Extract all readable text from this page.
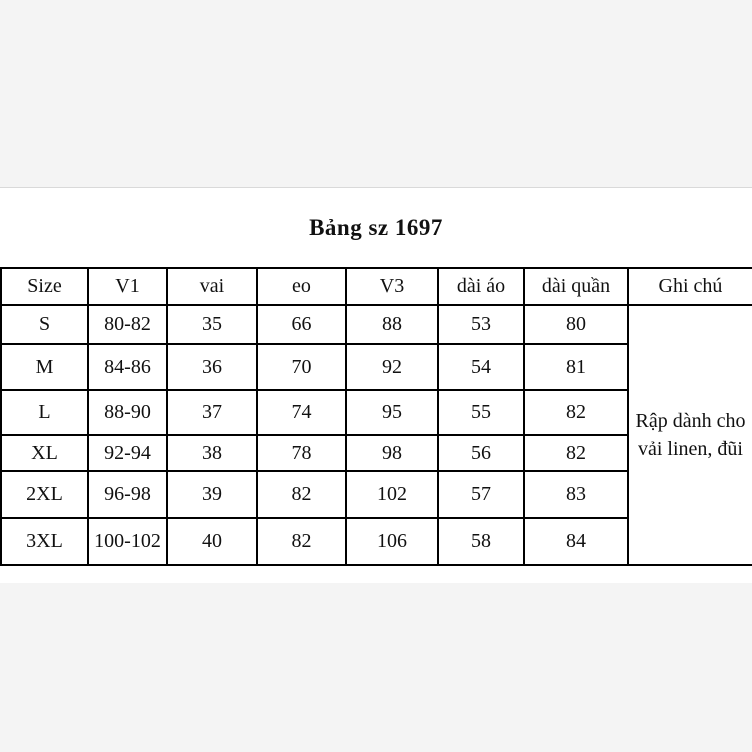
Bảng sz 1697
Size	V1	vai	eo	V3	dài áo	dài quần	Ghi chú
S	80-82	35	66	88	53	80	Rập dành cho vải linen, đũi
M	84-86	36	70	92	54	81	
L	88-90	37	74	95	55	82	
XL	92-94	38	78	98	56	82	
2XL	96-98	39	82	102	57	83	
3XL	100-102	40	82	106	58	84	
